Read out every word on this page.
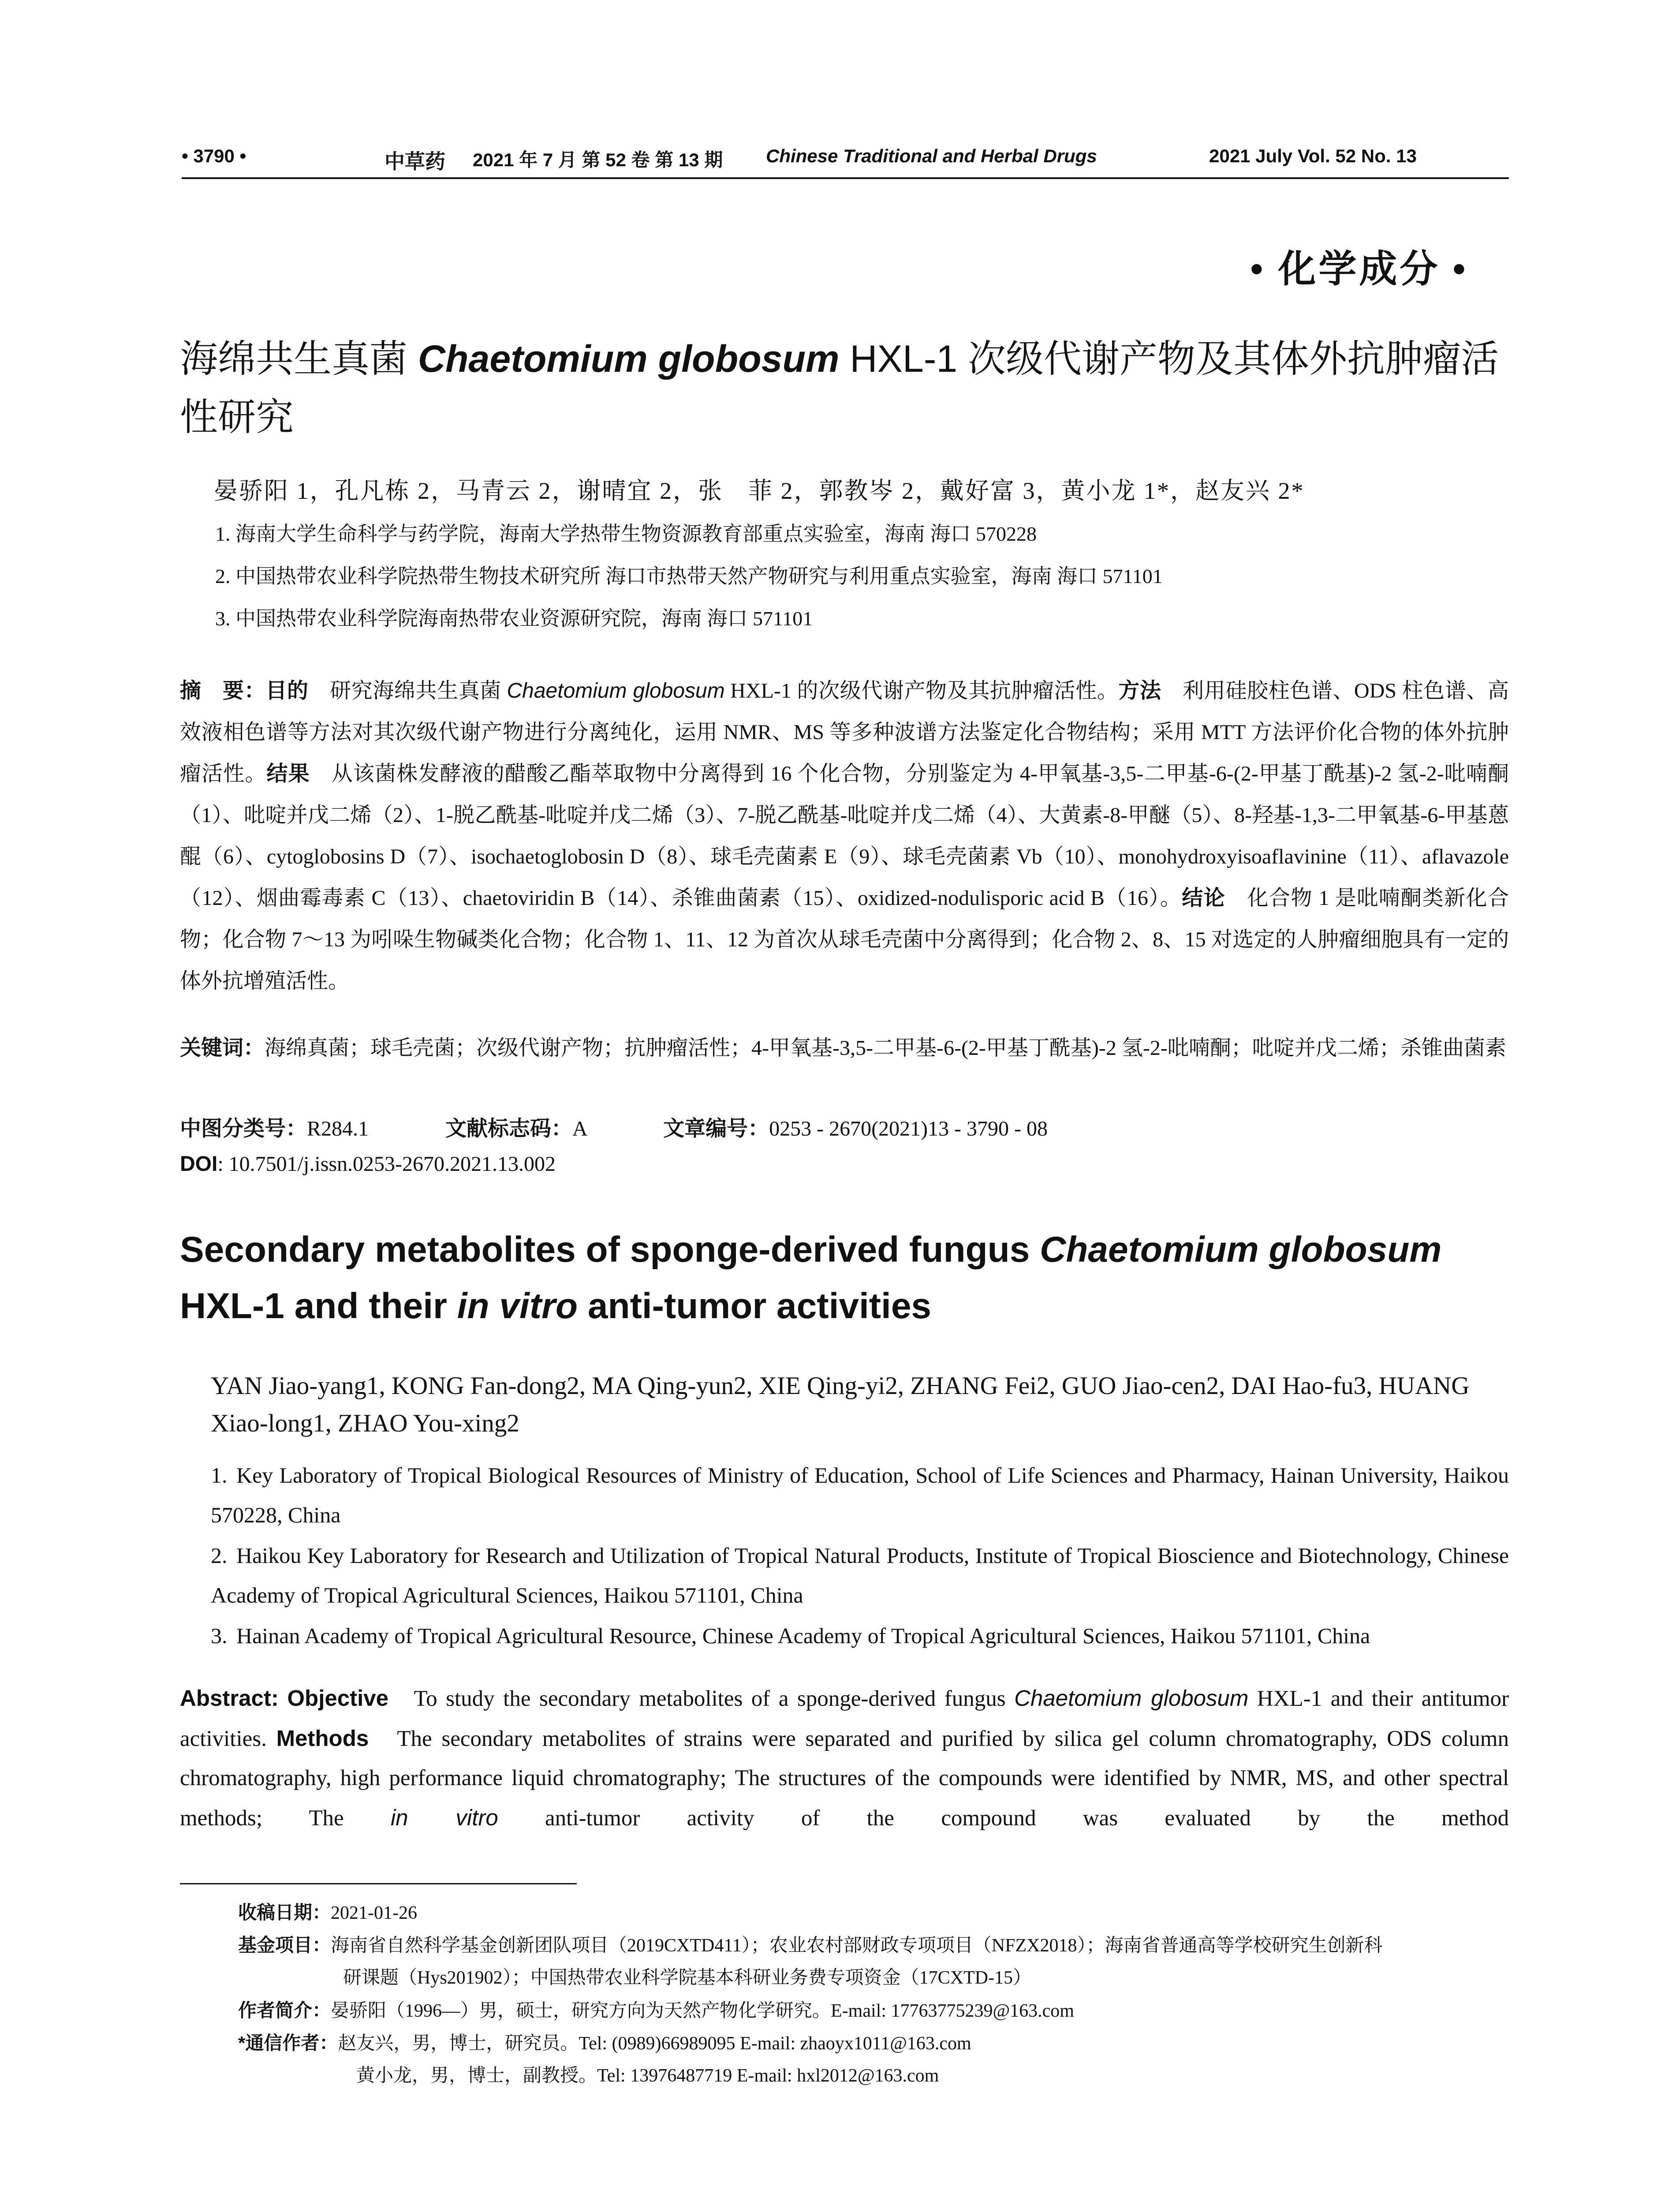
• 3790 •	中草药 2021 年 7 月 第 52 卷 第 13 期 Chinese Traditional and Herbal Drugs	2021 July Vol. 52 No. 13
• 化学成分 •
海绵共生真菌 Chaetomium globosum HXL-1 次级代谢产物及其体外抗肿瘤活性研究
晏骄阳 1，孔凡栋 2，马青云 2，谢晴宜 2，张　菲 2，郭教岑 2，戴好富 3，黄小龙 1*，赵友兴 2*
1. 海南大学生命科学与药学院，海南大学热带生物资源教育部重点实验室，海南 海口 570228
2. 中国热带农业科学院热带生物技术研究所 海口市热带天然产物研究与利用重点实验室，海南 海口 571101
3. 中国热带农业科学院海南热带农业资源研究院，海南 海口 571101
摘　要：目的　 研究海绵共生真菌 Chaetomium globosum HXL-1 的次级代谢产物及其抗肿瘤活性。方法　 利用硅胶柱色谱、ODS 柱色谱、高效液相色谱等方法对其次级代谢产物进行分离纯化，运用 NMR、MS 等多种波谱方法鉴定化合物结构；采用 MTT 方法评价化合物的体外抗肿瘤活性。结果　 从该菌株发酵液的醋酸乙酯萃取物中分离得到 16 个化合物，分别鉴定为 4-甲氧基-3,5-二甲基-6-(2-甲基丁酰基)-2 氢-2-吡喃酮（1）、吡啶并戊二烯（2）、1-脱乙酰基-吡啶并戊二烯（3）、7-脱乙酰基-吡啶并戊二烯（4）、大黄素-8-甲醚（5）、8-羟基-1,3-二甲氧基-6-甲基蒽醌（6）、cytoglobosins D（7）、isochaetoglobosin D（8）、球毛壳菌素 E（9）、球毛壳菌素 Vb（10）、monohydroxyisoaflavinine（11）、aflavazole（12）、烟曲霉毒素 C（13）、chaetoviridin B（14）、杀锥曲菌素（15）、oxidized-nodulisporic acid B（16）。结论　 化合物 1 是吡喃酮类新化合物；化合物 7～13 为吲哚生物碱类化合物；化合物 1、11、12 为首次从球毛壳菌中分离得到；化合物 2、8、15 对选定的人肿瘤细胞具有一定的体外抗增殖活性。
关键词：海绵真菌；球毛壳菌；次级代谢产物；抗肿瘤活性；4-甲氧基-3,5-二甲基-6-(2-甲基丁酰基)-2 氢-2-吡喃酮；吡啶并戊二烯；杀锥曲菌素
中图分类号：R284.1	文献标志码：A	文章编号：0253 - 2670(2021)13 - 3790 - 08
DOI: 10.7501/j.issn.0253-2670.2021.13.002
Secondary metabolites of sponge-derived fungus Chaetomium globosum HXL-1 and their in vitro anti-tumor activities
YAN Jiao-yang1, KONG Fan-dong2, MA Qing-yun2, XIE Qing-yi2, ZHANG Fei2, GUO Jiao-cen2, DAI Hao-fu3, HUANG Xiao-long1, ZHAO You-xing2
1. Key Laboratory of Tropical Biological Resources of Ministry of Education, School of Life Sciences and Pharmacy, Hainan University, Haikou 570228, China
2. Haikou Key Laboratory for Research and Utilization of Tropical Natural Products, Institute of Tropical Bioscience and Biotechnology, Chinese Academy of Tropical Agricultural Sciences, Haikou 571101, China
3. Hainan Academy of Tropical Agricultural Resource, Chinese Academy of Tropical Agricultural Sciences, Haikou 571101, China
Abstract: Objective To study the secondary metabolites of a sponge-derived fungus Chaetomium globosum HXL-1 and their antitumor activities. Methods The secondary metabolites of strains were separated and purified by silica gel column chromatography, ODS column chromatography, high performance liquid chromatography; The structures of the compounds were identified by NMR, MS, and other spectral methods; The in vitro anti-tumor activity of the compound was evaluated by the method
收稿日期：2021-01-26
基金项目：海南省自然科学基金创新团队项目（2019CXTD411）；农业农村部财政专项项目（NFZX2018）；海南省普通高等学校研究生创新科
研课题（Hys201902）；中国热带农业科学院基本科研业务费专项资金（17CXTD-15）
作者简介：晏骄阳（1996—）男，硕士，研究方向为天然产物化学研究。E-mail: 17763775239@163.com
*通信作者：赵友兴，男，博士，研究员。Tel: (0989)66989095 E-mail: zhaoyx1011@163.com
黄小龙，男，博士，副教授。Tel: 13976487719 E-mail: hxl2012@163.com
